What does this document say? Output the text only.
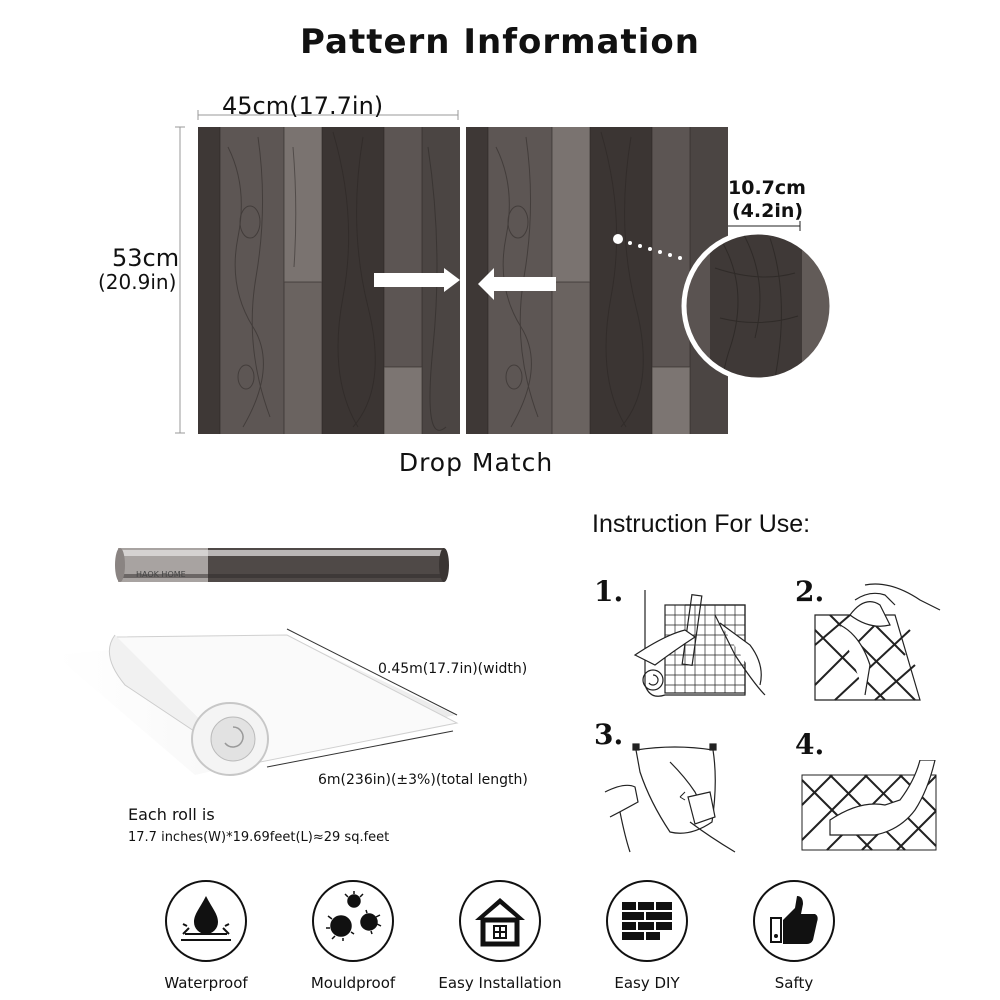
Pattern Information
45cm(17.7in)
53cm
(20.9in)
10.7cm
(4.2in)
Drop Match
HAOK HOME
0.45m(17.7in)(width)
6m(236in)(±3%)(total length)
Each roll is
17.7 inches(W)*19.69feet(L)≈29 sq.feet
Instruction For Use:
1.	2.
3.	4.
Waterproof	Mouldproof	Easy Installation	Easy DIY	Safty
